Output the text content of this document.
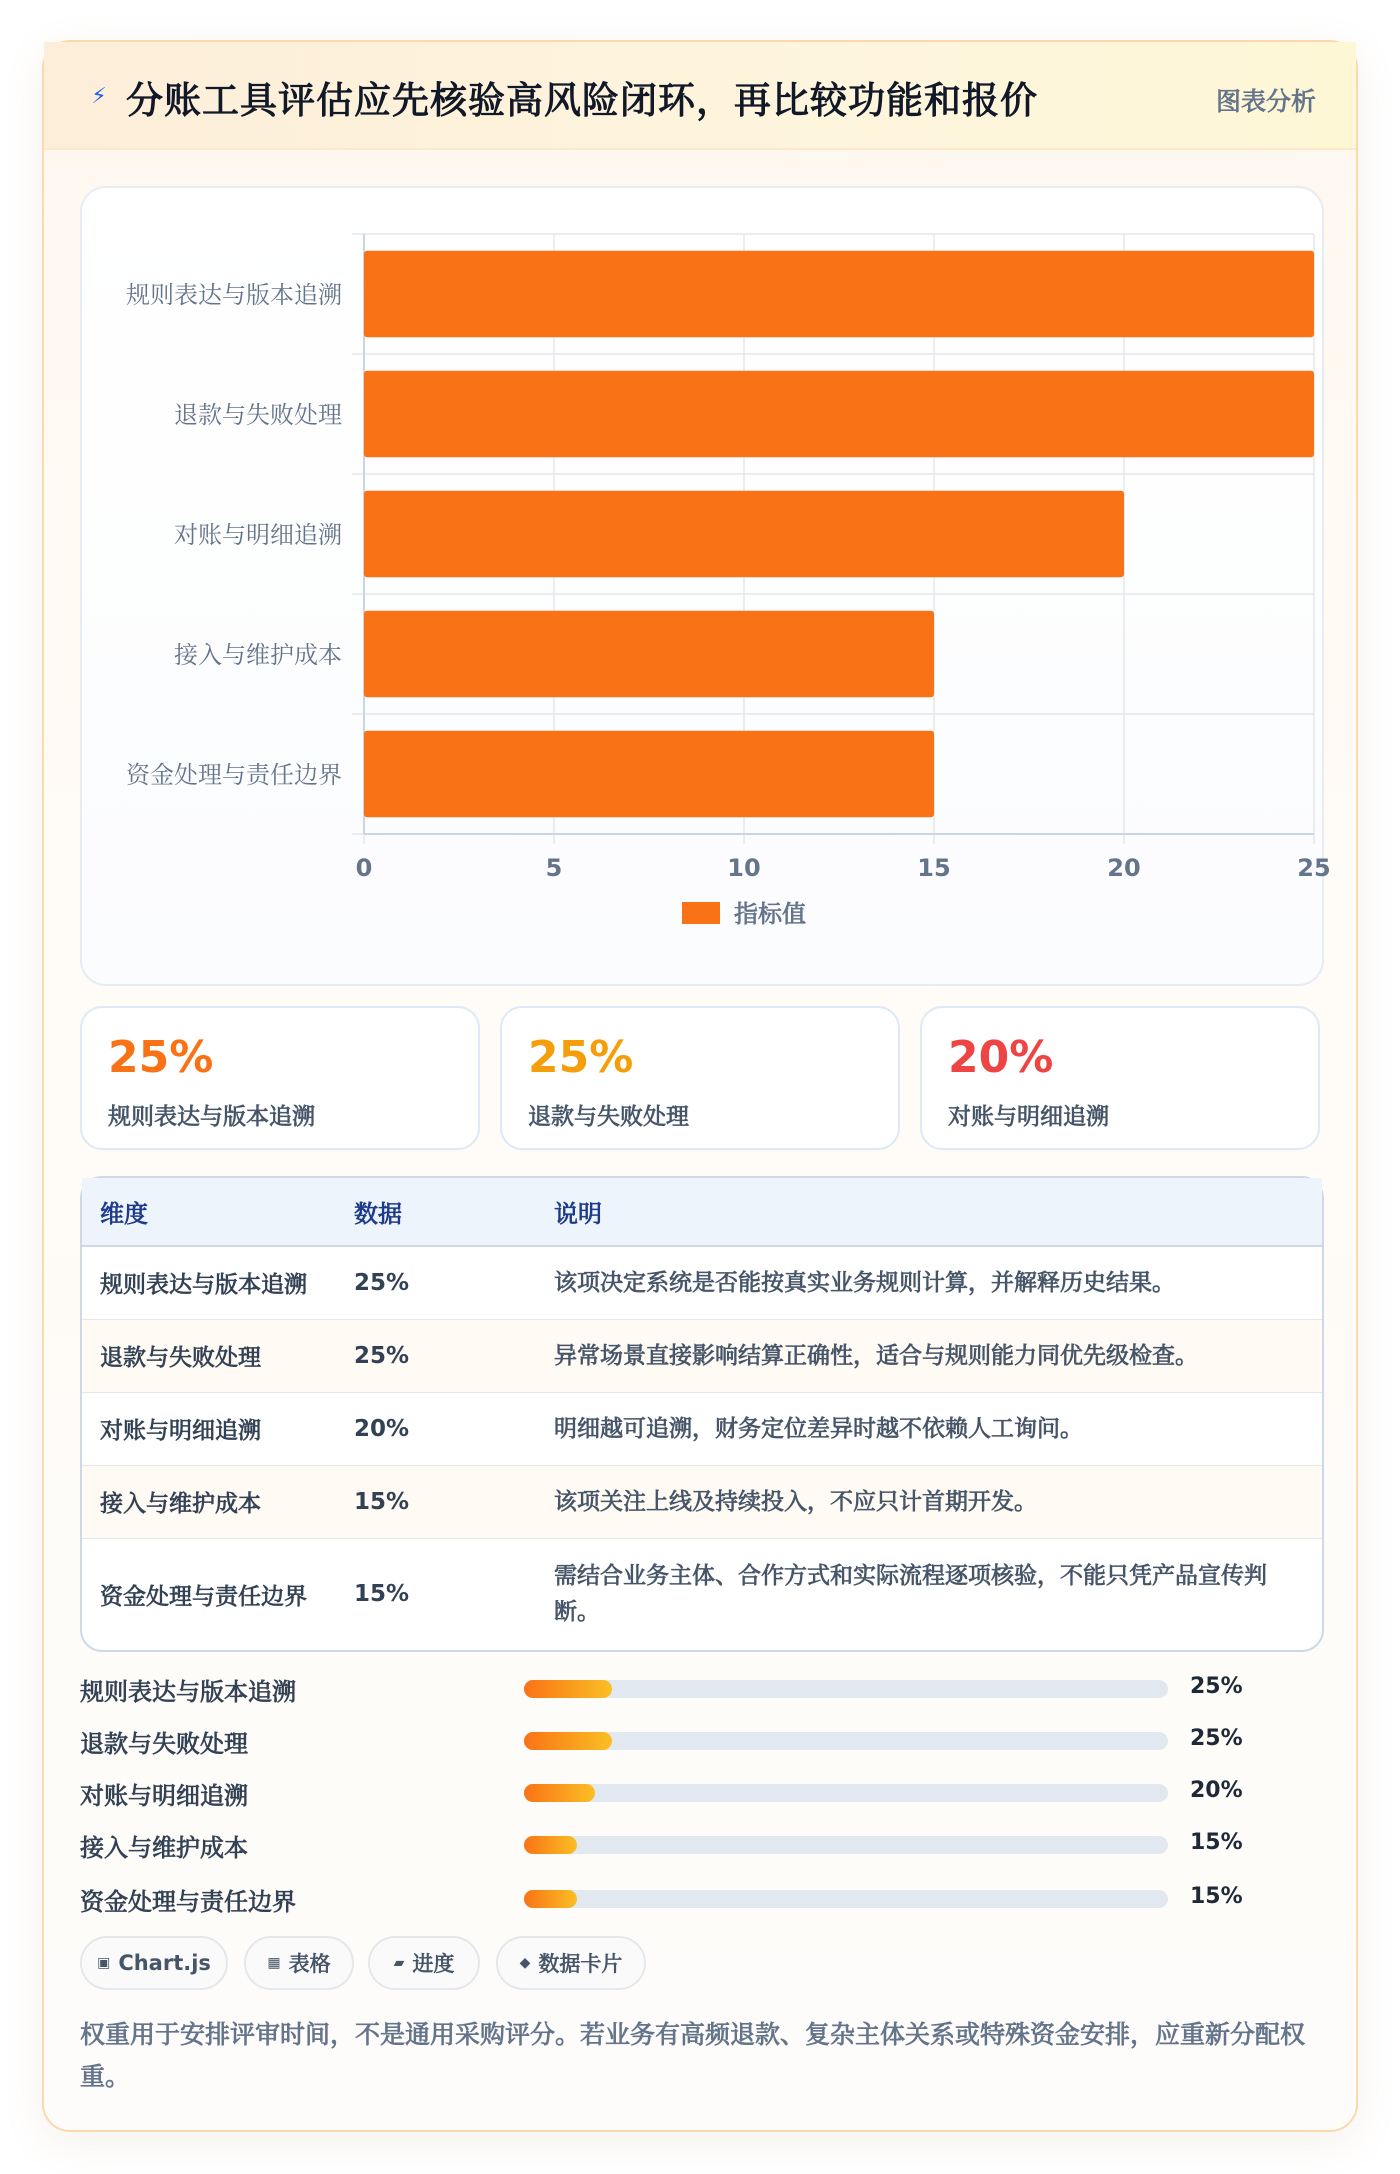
⚡ 分账工具评估应先核验高风险闭环，再比较功能和报价	图表分析
规则表达与版本追溯
退款与失败处理
对账与明细追溯
接入与维护成本
资金处理与责任边界
0	5	10	15	20	25
指标值
25%
规则表达与版本追溯
25%
退款与失败处理
20%
对账与明细追溯
维度	数据	说明
规则表达与版本追溯	25%	该项决定系统是否能按真实业务规则计算，并解释历史结果。
退款与失败处理	25%	异常场景直接影响结算正确性，适合与规则能力同优先级检查。
对账与明细追溯	20%	明细越可追溯，财务定位差异时越不依赖人工询问。
接入与维护成本	15%	该项关注上线及持续投入，不应只计首期开发。
资金处理与责任边界	15%	需结合业务主体、合作方式和实际流程逐项核验，不能只凭产品宣传判断。
规则表达与版本追溯	25%
退款与失败处理	25%
对账与明细追溯	20%
接入与维护成本	15%
资金处理与责任边界	15%
▣ Chart.js	▦ 表格	▰ 进度	◆ 数据卡片
权重用于安排评审时间，不是通用采购评分。若业务有高频退款、复杂主体关系或特殊资金安排，应重新分配权重。
